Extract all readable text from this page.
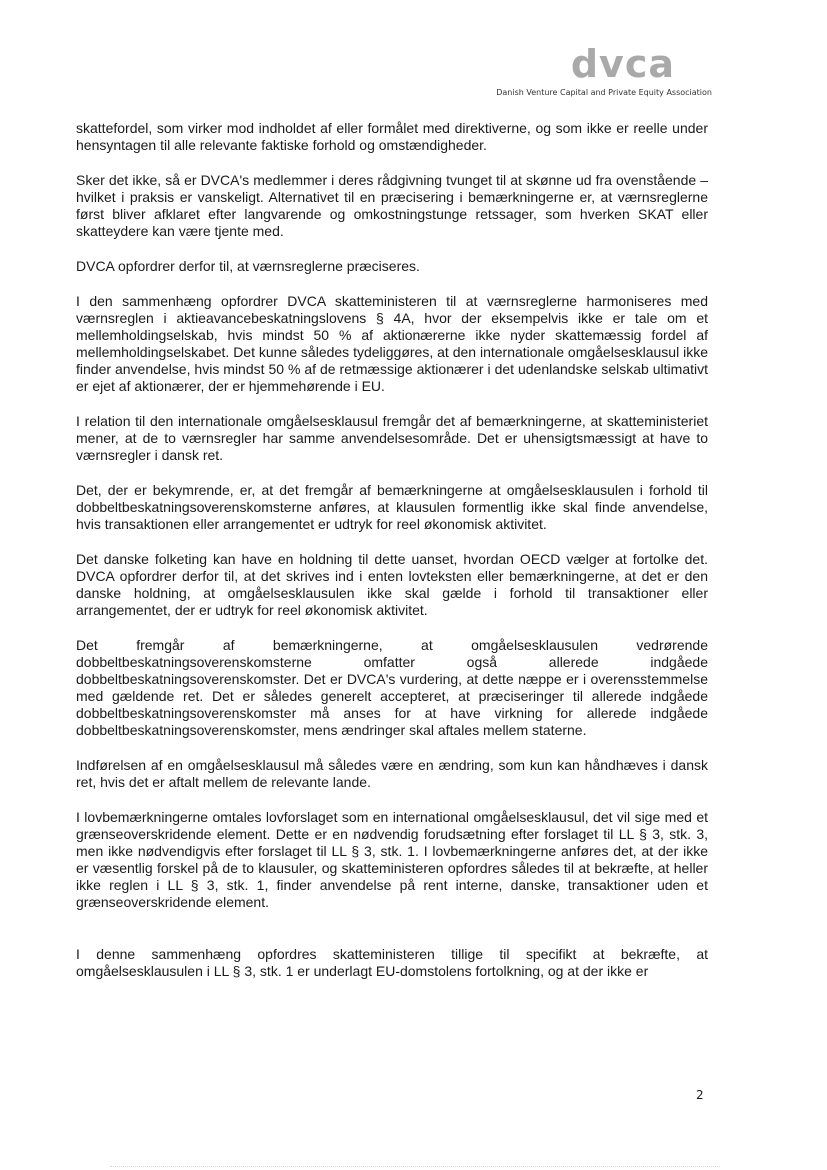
dvca
Danish Venture Capital and Private Equity Association

skattefordel, som virker mod indholdet af eller formålet med direktiverne, og som ikke er reelle under hensyntagen til alle relevante faktiske forhold og omstændigheder.

Sker det ikke, så er DVCA's medlemmer i deres rådgivning tvunget til at skønne ud fra ovenstående – hvilket i praksis er vanskeligt. Alternativet til en præcisering i bemærkningerne er, at værnsreglerne først bliver afklaret efter langvarende og omkostningstunge retssager, som hverken SKAT eller skatteydere kan være tjente med.

DVCA opfordrer derfor til, at værnsreglerne præciseres.

I den sammenhæng opfordrer DVCA skatteministeren til at værnsreglerne harmoniseres med værnsreglen i aktieavancebeskatningslovens § 4A, hvor der eksempelvis ikke er tale om et mellemholdingselskab, hvis mindst 50 % af aktionærerne ikke nyder skattemæssig fordel af mellemholdingselskabet. Det kunne således tydeliggøres, at den internationale omgåelsesklausul ikke finder anvendelse, hvis mindst 50 % af de retmæssige aktionærer i det udenlandske selskab ultimativt er ejet af aktionærer, der er hjemmehørende i EU.

I relation til den internationale omgåelsesklausul fremgår det af bemærkningerne, at skatteministeriet mener, at de to værnsregler har samme anvendelsesområde. Det er uhensigtsmæssigt at have to værnsregler i dansk ret.

Det, der er bekymrende, er, at det fremgår af bemærkningerne at omgåelsesklausulen i forhold til dobbeltbeskatningsoverenskomsterne anføres, at klausulen formentlig ikke skal finde anvendelse, hvis transaktionen eller arrangementet er udtryk for reel økonomisk aktivitet.

Det danske folketing kan have en holdning til dette uanset, hvordan OECD vælger at fortolke det. DVCA opfordrer derfor til, at det skrives ind i enten lovteksten eller bemærkningerne, at det er den danske holdning, at omgåelsesklausulen ikke skal gælde i forhold til transaktioner eller arrangementet, der er udtryk for reel økonomisk aktivitet.

Det fremgår af bemærkningerne, at omgåelsesklausulen vedrørende dobbeltbeskatningsoverenskomsterne omfatter også allerede indgåede dobbeltbeskatningsoverenskomster. Det er DVCA's vurdering, at dette næppe er i overensstemmelse med gældende ret. Det er således generelt accepteret, at præciseringer til allerede indgåede dobbeltbeskatningsoverenskomster må anses for at have virkning for allerede indgåede dobbeltbeskatningsoverenskomster, mens ændringer skal aftales mellem staterne.

Indførelsen af en omgåelsesklausul må således være en ændring, som kun kan håndhæves i dansk ret, hvis det er aftalt mellem de relevante lande.

I lovbemærkningerne omtales lovforslaget som en international omgåelsesklausul, det vil sige med et grænseoverskridende element. Dette er en nødvendig forudsætning efter forslaget til LL § 3, stk. 3, men ikke nødvendigvis efter forslaget til LL § 3, stk. 1. I lovbemærkningerne anføres det, at der ikke er væsentlig forskel på de to klausuler, og skatteministeren opfordres således til at bekræfte, at heller ikke reglen i LL § 3, stk. 1, finder anvendelse på rent interne, danske, transaktioner uden et grænseoverskridende element.

I denne sammenhæng opfordres skatteministeren tillige til specifikt at bekræfte, at omgåelsesklausulen i LL § 3, stk. 1 er underlagt EU-domstolens fortolkning, og at der ikke er

2
